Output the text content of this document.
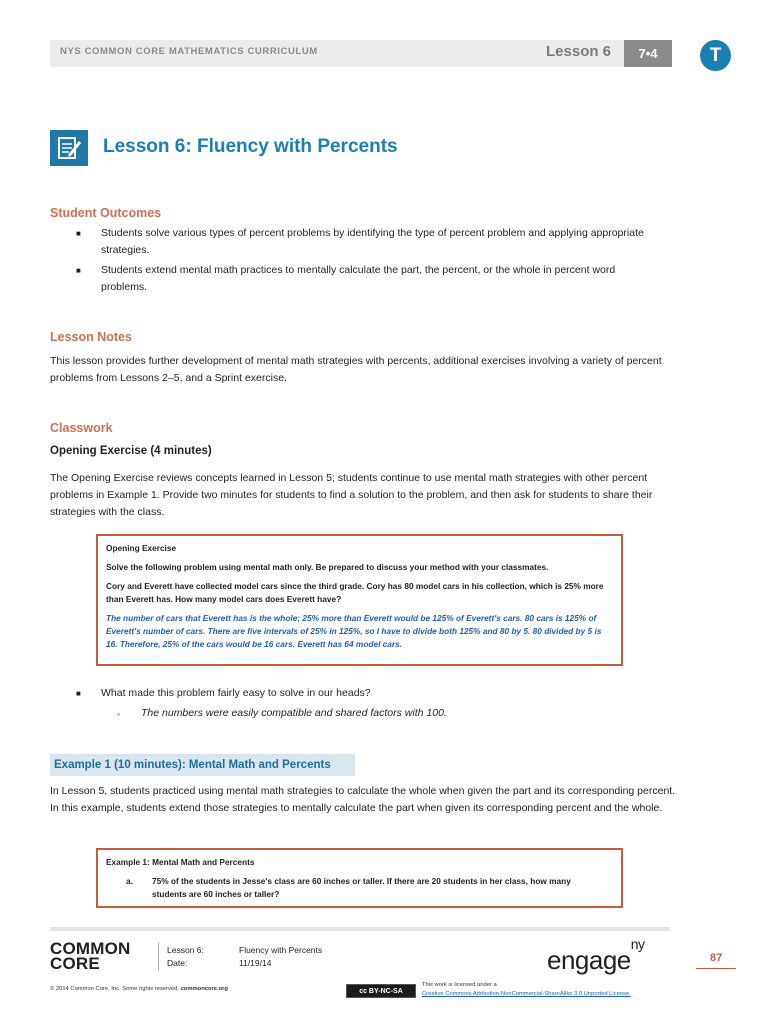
NYS COMMON CORE MATHEMATICS CURRICULUM	Lesson 6	7•4	T
Lesson 6: Fluency with Percents
Student Outcomes
■ Students solve various types of percent problems by identifying the type of percent problem and applying appropriate strategies.
■ Students extend mental math practices to mentally calculate the part, the percent, or the whole in percent word problems.
Lesson Notes
This lesson provides further development of mental math strategies with percents, additional exercises involving a variety of percent problems from Lessons 2–5, and a Sprint exercise.
Classwork
Opening Exercise (4 minutes)
The Opening Exercise reviews concepts learned in Lesson 5; students continue to use mental math strategies with other percent problems in Example 1. Provide two minutes for students to find a solution to the problem, and then ask for students to share their strategies with the class.

Opening Exercise

Solve the following problem using mental math only. Be prepared to discuss your method with your classmates.

Cory and Everett have collected model cars since the third grade. Cory has 80 model cars in his collection, which is 25% more than Everett has. How many model cars does Everett have?

The number of cars that Everett has is the whole; 25% more than Everett would be 125% of Everett's cars. 80 cars is 125% of Everett's number of cars. There are five intervals of 25% in 125%, so I have to divide both 125% and 80 by 5. 80 divided by 5 is 16. Therefore, 25% of the cars would be 16 cars. Everett has 64 model cars.

■ What made this problem fairly easy to solve in our heads?
▫ The numbers were easily compatible and shared factors with 100.
Example 1 (10 minutes): Mental Math and Percents
In Lesson 5, students practiced using mental math strategies to calculate the whole when given the part and its corresponding percent. In this example, students extend those strategies to mentally calculate the part when given its corresponding percent and the whole.
Example 1: Mental Math and Percents
a.	75% of the students in Jesse's class are 60 inches or taller. If there are 20 students in her class, how many students are 60 inches or taller?
COMMON
CORE
Lesson 6:	Fluency with Percents
Date:	11/19/14	engage$^{ny}$
87
© 2014 Common Core, Inc. Some rights reserved. commoncore.org	cc BY-NC-SA
This work is licensed under a
Creative Commons Attribution-NonCommercial-ShareAlike 3.0 Unported License.
